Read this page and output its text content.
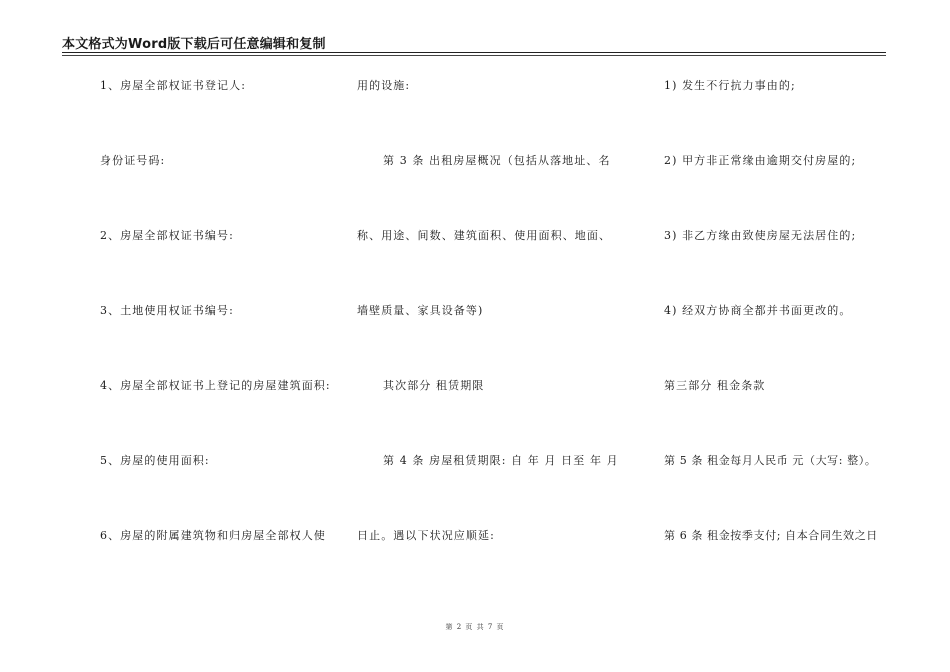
本文格式为Word版下载后可任意编辑和复制
1、房屋全部权证书登记人:
身份证号码:
2、房屋全部权证书编号:
3、土地使用权证书编号:
4、房屋全部权证书上登记的房屋建筑面积:
5、房屋的使用面积:
6、房屋的附属建筑物和归房屋全部权人使
用的设施:
第 3 条 出租房屋概况（包括从落地址、名
称、用途、间数、建筑面积、使用面积、地面、
墙壁质量、家具设备等)
其次部分 租赁期限
第 4 条 房屋租赁期限: 自 年 月 日至 年 月
日止。遇以下状况应顺延:
1) 发生不行抗力事由的;
2) 甲方非正常缘由逾期交付房屋的;
3) 非乙方缘由致使房屋无法居住的;
4) 经双方协商全都并书面更改的。
第三部分 租金条款
第 5 条 租金每月人民币 元（大写: 整）。
第 6 条 租金按季支付; 自本合同生效之日
第 2 页 共 7 页
